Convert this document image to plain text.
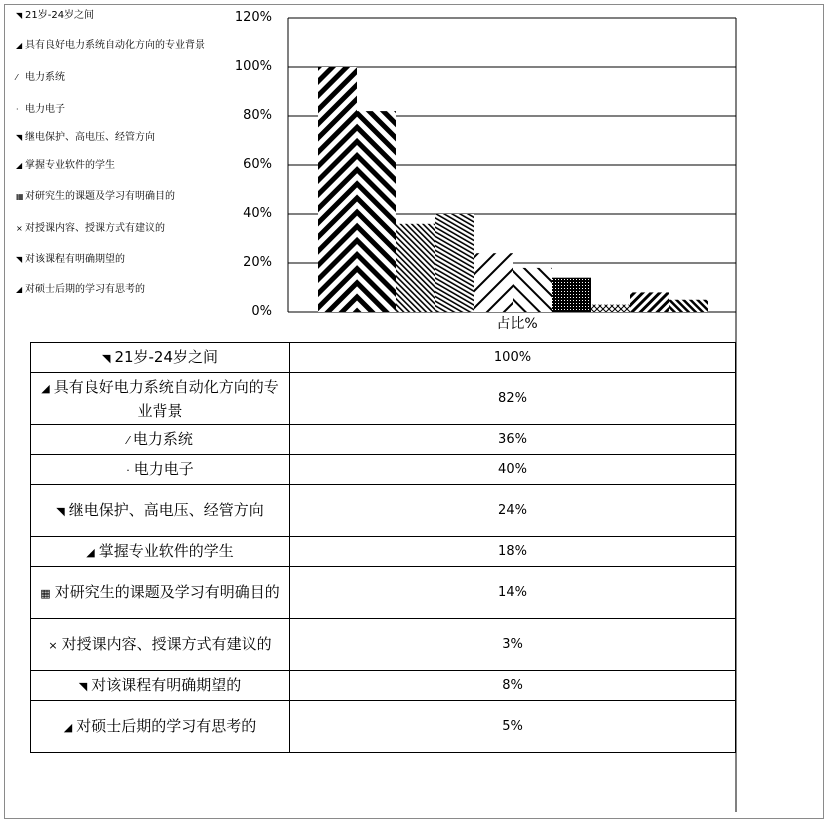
◥ 21岁-24岁之间
◢ 具有良好电力系统自动化方向的专业背景
⁄ 电力系统
· 电力电子
◥ 继电保护、高电压、经管方向
◢ 掌握专业软件的学生
▦ 对研究生的课题及学习有明确目的
× 对授课内容、授课方式有建议的
◥ 对该课程有明确期望的
◢ 对硕士后期的学习有思考的
0%
20%
40%
60%
80%
100%
120%
占比%
◥ 21岁-24岁之间	100%
◢ 具有良好电力系统自动化方向的专业背景	82%
⁄ 电力系统	36%
· 电力电子	40%
◥ 继电保护、高电压、经管方向	24%
◢ 掌握专业软件的学生	18%
▦ 对研究生的课题及学习有明确目的	14%
× 对授课内容、授课方式有建议的	3%
◥ 对该课程有明确期望的	8%
◢ 对硕士后期的学习有思考的	5%
